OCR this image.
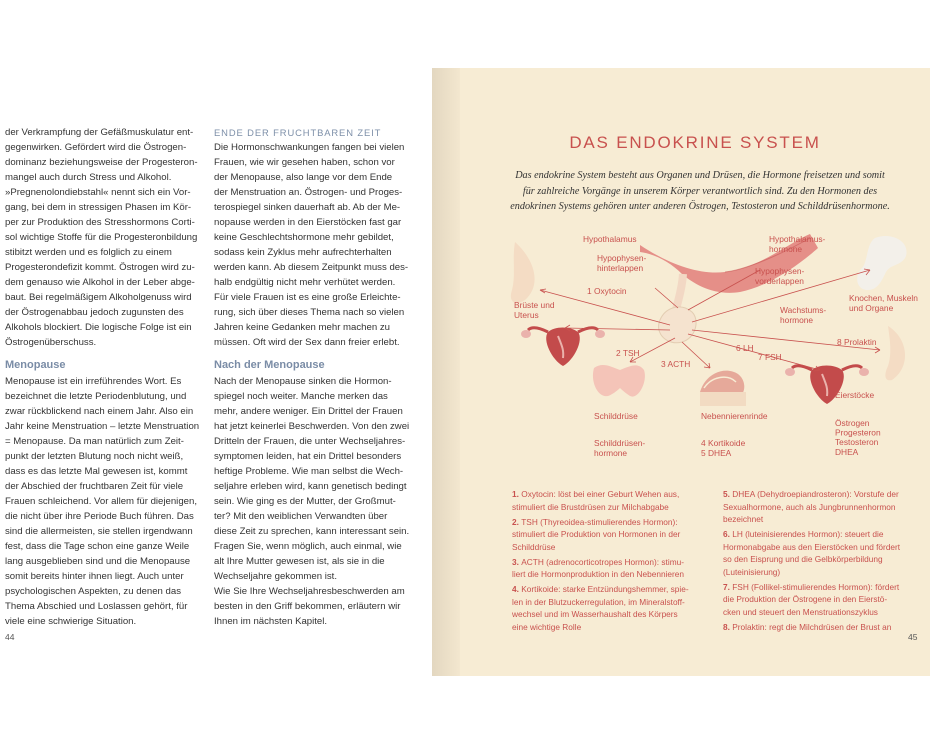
der Verkrampfung der Gefäßmuskulatur ent-
gegenwirken. Gefördert wird die Östrogen-
dominanz beziehungsweise der Progesteron-
mangel auch durch Stress und Alkohol.
»Pregnenolondiebstahl« nennt sich ein Vor-
gang, bei dem in stressigen Phasen im Kör-
per zur Produktion des Stresshormons Corti-
sol wichtige Stoffe für die Progesteronbildung
stibitzt werden und es folglich zu einem
Progesterondefizit kommt. Östrogen wird zu-
dem genauso wie Alkohol in der Leber abge-
baut. Bei regelmäßigem Alkoholgenuss wird
der Östrogenabbau jedoch zugunsten des
Alkohols blockiert. Die logische Folge ist ein
Östrogenüberschuss.

Menopause

Menopause ist ein irreführendes Wort. Es
bezeichnet die letzte Periodenblutung, und
zwar rückblickend nach einem Jahr. Also ein
Jahr keine Menstruation – letzte Menstruation
= Menopause. Da man natürlich zum Zeit-
punkt der letzten Blutung noch nicht weiß,
dass es das letzte Mal gewesen ist, kommt
der Abschied der fruchtbaren Zeit für viele
Frauen schleichend. Vor allem für diejenigen,
die nicht über ihre Periode Buch führen. Das
sind die allermeisten, sie stellen irgendwann
fest, dass die Tage schon eine ganze Weile
lang ausgeblieben sind und die Menopause
somit bereits hinter ihnen liegt. Auch unter
psychologischen Aspekten, zu denen das
Thema Abschied und Loslassen gehört, für
viele eine schwierige Situation.

ENDE DER FRUCHTBAREN ZEIT

Die Hormonschwankungen fangen bei vielen
Frauen, wie wir gesehen haben, schon vor
der Menopause, also lange vor dem Ende
der Menstruation an. Östrogen- und Proges-
terospiegel sinken dauerhaft ab. Ab der Me-
nopause werden in den Eierstöcken fast gar
keine Geschlechtshormone mehr gebildet,
sodass kein Zyklus mehr aufrechterhalten
werden kann. Ab diesem Zeitpunkt muss des-
halb endgültig nicht mehr verhütet werden.
Für viele Frauen ist es eine große Erleichte-
rung, sich über dieses Thema nach so vielen
Jahren keine Gedanken mehr machen zu
müssen. Oft wird der Sex dann freier erlebt.

Nach der Menopause

Nach der Menopause sinken die Hormon-
spiegel noch weiter. Manche merken das
mehr, andere weniger. Ein Drittel der Frauen
hat jetzt keinerlei Beschwerden. Von den zwei
Dritteln der Frauen, die unter Wechseljahres-
symptomen leiden, hat ein Drittel besonders
heftige Probleme. Wie man selbst die Wech-
seljahre erleben wird, kann genetisch bedingt
sein. Wie ging es der Mutter, der Großmut-
ter? Mit den weiblichen Verwandten über
diese Zeit zu sprechen, kann interessant sein.
Fragen Sie, wenn möglich, auch einmal, wie
alt Ihre Mutter gewesen ist, als sie in die
Wechseljahre gekommen ist.
Wie Sie Ihre Wechseljahresbeschwerden am
besten in den Griff bekommen, erläutern wir
Ihnen im nächsten Kapitel.

44
DAS ENDOKRINE SYSTEM
Das endokrine System besteht aus Organen und Drüsen, die Hormone freisetzen und somit
für zahlreiche Vorgänge in unserem Körper verantwortlich sind. Zu den Hormonen des
endokrinen Systems gehören unter anderen Östrogen, Testosteron und Schilddrüsenhormone.
Hypothalamus	Hypothalamus-hormone
Hypophysen-hinterlappen	Hypophysen-vorderlappen
1 Oxytocin
Brüste und Uterus	Wachstums-hormone
Knochen, Muskeln und Organe
2 TSH
3 ACTH
6 LH
7 FSH
8 Prolaktin
Schilddrüse
Schilddrüsen-hormone
Nebennierenrinde
4 Kortikoide
5 DHEA
Eierstöcke
Östrogen Progesteron Testosteron DHEA

1. Oxytocin: löst bei einer Geburt Wehen aus,
stimuliert die Brustdrüsen zur Milchabgabe

2. TSH (Thyreoidea-stimulierendes Hormon):
stimuliert die Produktion von Hormonen in der
Schilddrüse

3. ACTH (adrenocorticotropes Hormon): stimu-
liert die Hormonproduktion in den Nebennieren

4. Kortikoide: starke Entzündungshemmer, spie-
len in der Blutzuckerregulation, im Mineralstoff-
wechsel und im Wasserhaushalt des Körpers
eine wichtige Rolle

5. DHEA (Dehydroepiandrosteron): Vorstufe der
Sexualhormone, auch als Jungbrunnenhormon
bezeichnet

6. LH (luteinisierendes Hormon): steuert die
Hormonabgabe aus den Eierstöcken und fördert
so den Eisprung und die Gelbkörperbildung
(Luteinisierung)

7. FSH (Follikel-stimulierendes Hormon): fördert
die Produktion der Östrogene in den Eierstö-
cken und steuert den Menstruationszyklus

8. Prolaktin: regt die Milchdrüsen der Brust an

45
